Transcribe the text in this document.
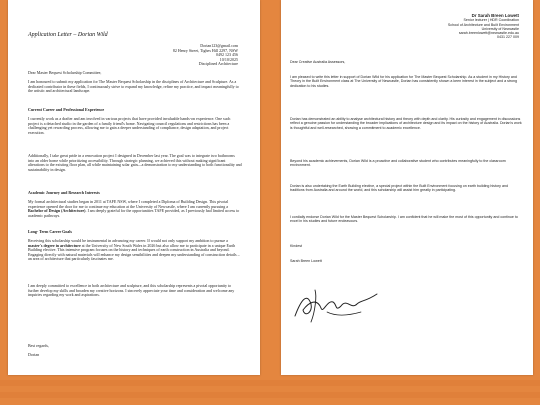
Application Letter – Dorian Wild

Dorian123@gmail.com
82 Henry Street, Tighes Hill 2297, NSW
0492 123 456
10/10/2025
Disciplined Architecture

Dear Master Bequest Scholarship Committee,

I am honoured to submit my application for The Master Bequest Scholarship in the disciplines of Architecture and Sculpture. As a dedicated contributor in these fields, I continuously strive to expand my knowledge, refine my practice, and impact meaningfully to the artistic and architectural landscape.

Current Career and Professional Experience

I currently work as a drafter and am involved in various projects that have provided invaluable hands-on experience. One such project is a detached studio in the garden of a family friend's home. Navigating council regulations and restrictions has been a challenging yet rewarding process, allowing me to gain a deeper understanding of compliance, design adaptation, and project execution.

Additionally, I take great pride in a renovation project I designed in December last year. The goal was to integrate two bathrooms into an older home while prioritizing accessibility. Through strategic planning, we achieved this without making significant alterations to the existing floor plan, all while maintaining solar gain—a demonstration to my understanding to both functionality and sustainability in design.

Academic Journey and Research Interests

My formal architectural studies began in 2011 at TAFE NSW, where I completed a Diploma of Building Design. This pivotal experience opened the door for me to continue my education at the University of Newcastle, where I am currently pursuing a Bachelor of Design (Architecture). I am deeply grateful for the opportunities TAFE provided, as I previously had limited access to academic pathways.

Long- Term Career Goals

Receiving this scholarship would be instrumental in advancing my career. If would not only support my ambition to pursue a master's degree in architecture at the University of New South Wales in 2026 but also allow me to participate in a unique Earth Building elective. This intensive program focuses on the history and techniques of earth construction in Australia and beyond. Engaging directly with natural materials will enhance my design sensibilities and deepen my understanding of construction details – an area of architecture that particularly fascinates me.

I am deeply committed to excellence in both architecture and sculpture, and this scholarship represents a pivotal opportunity to further develop my skills and broaden my creative horizons. I sincerely appreciate your time and consideration and welcome any inquiries regarding my work and aspirations.

Best regards,

Dorian

Dr Sarah Breen Lowett
Senior lecturer | HDR Coordination
School of Architecture and Built Environment
University of Newcastle
sarah.breenlowett@newcastle.edu.au
0431 227 009

Dear Creative Australia Assessors,

I am pleased to write this letter in support of Dorian Wild for his application for The Master Bequest Scholarship. As a student in my History and Theory in the Built Environment class at The University of Newcastle, Dorian has consistently shown a keen interest in the subject and a strong dedication to his studies.

Dorian has demonstrated an ability to analyse architectural history and theory with depth and clarity. His curiosity and engagement in discussions reflect a genuine passion for understanding the broader implications of architecture design and its impact on the history of Australia. Dorian's work is thoughtful and well-researched, showing a commitment to academic excellence.

Beyond his academic achievements, Dorian Wild is a proactive and collaborative student who contributes meaningfully to the classroom environment.

Dorian is also undertaking the Earth Building elective, a special project within the Built Environment focusing on earth building history and traditions from Australia and around the world, and this scholarship will assist him greatly in participating.

I cordially endorse Dorian Wild for the Master Bequest Scholarship. I am confident that he will make the most of this opportunity and continue to excel in his studies and future endeavours.

Kindest

Sarah Breen Lowett
